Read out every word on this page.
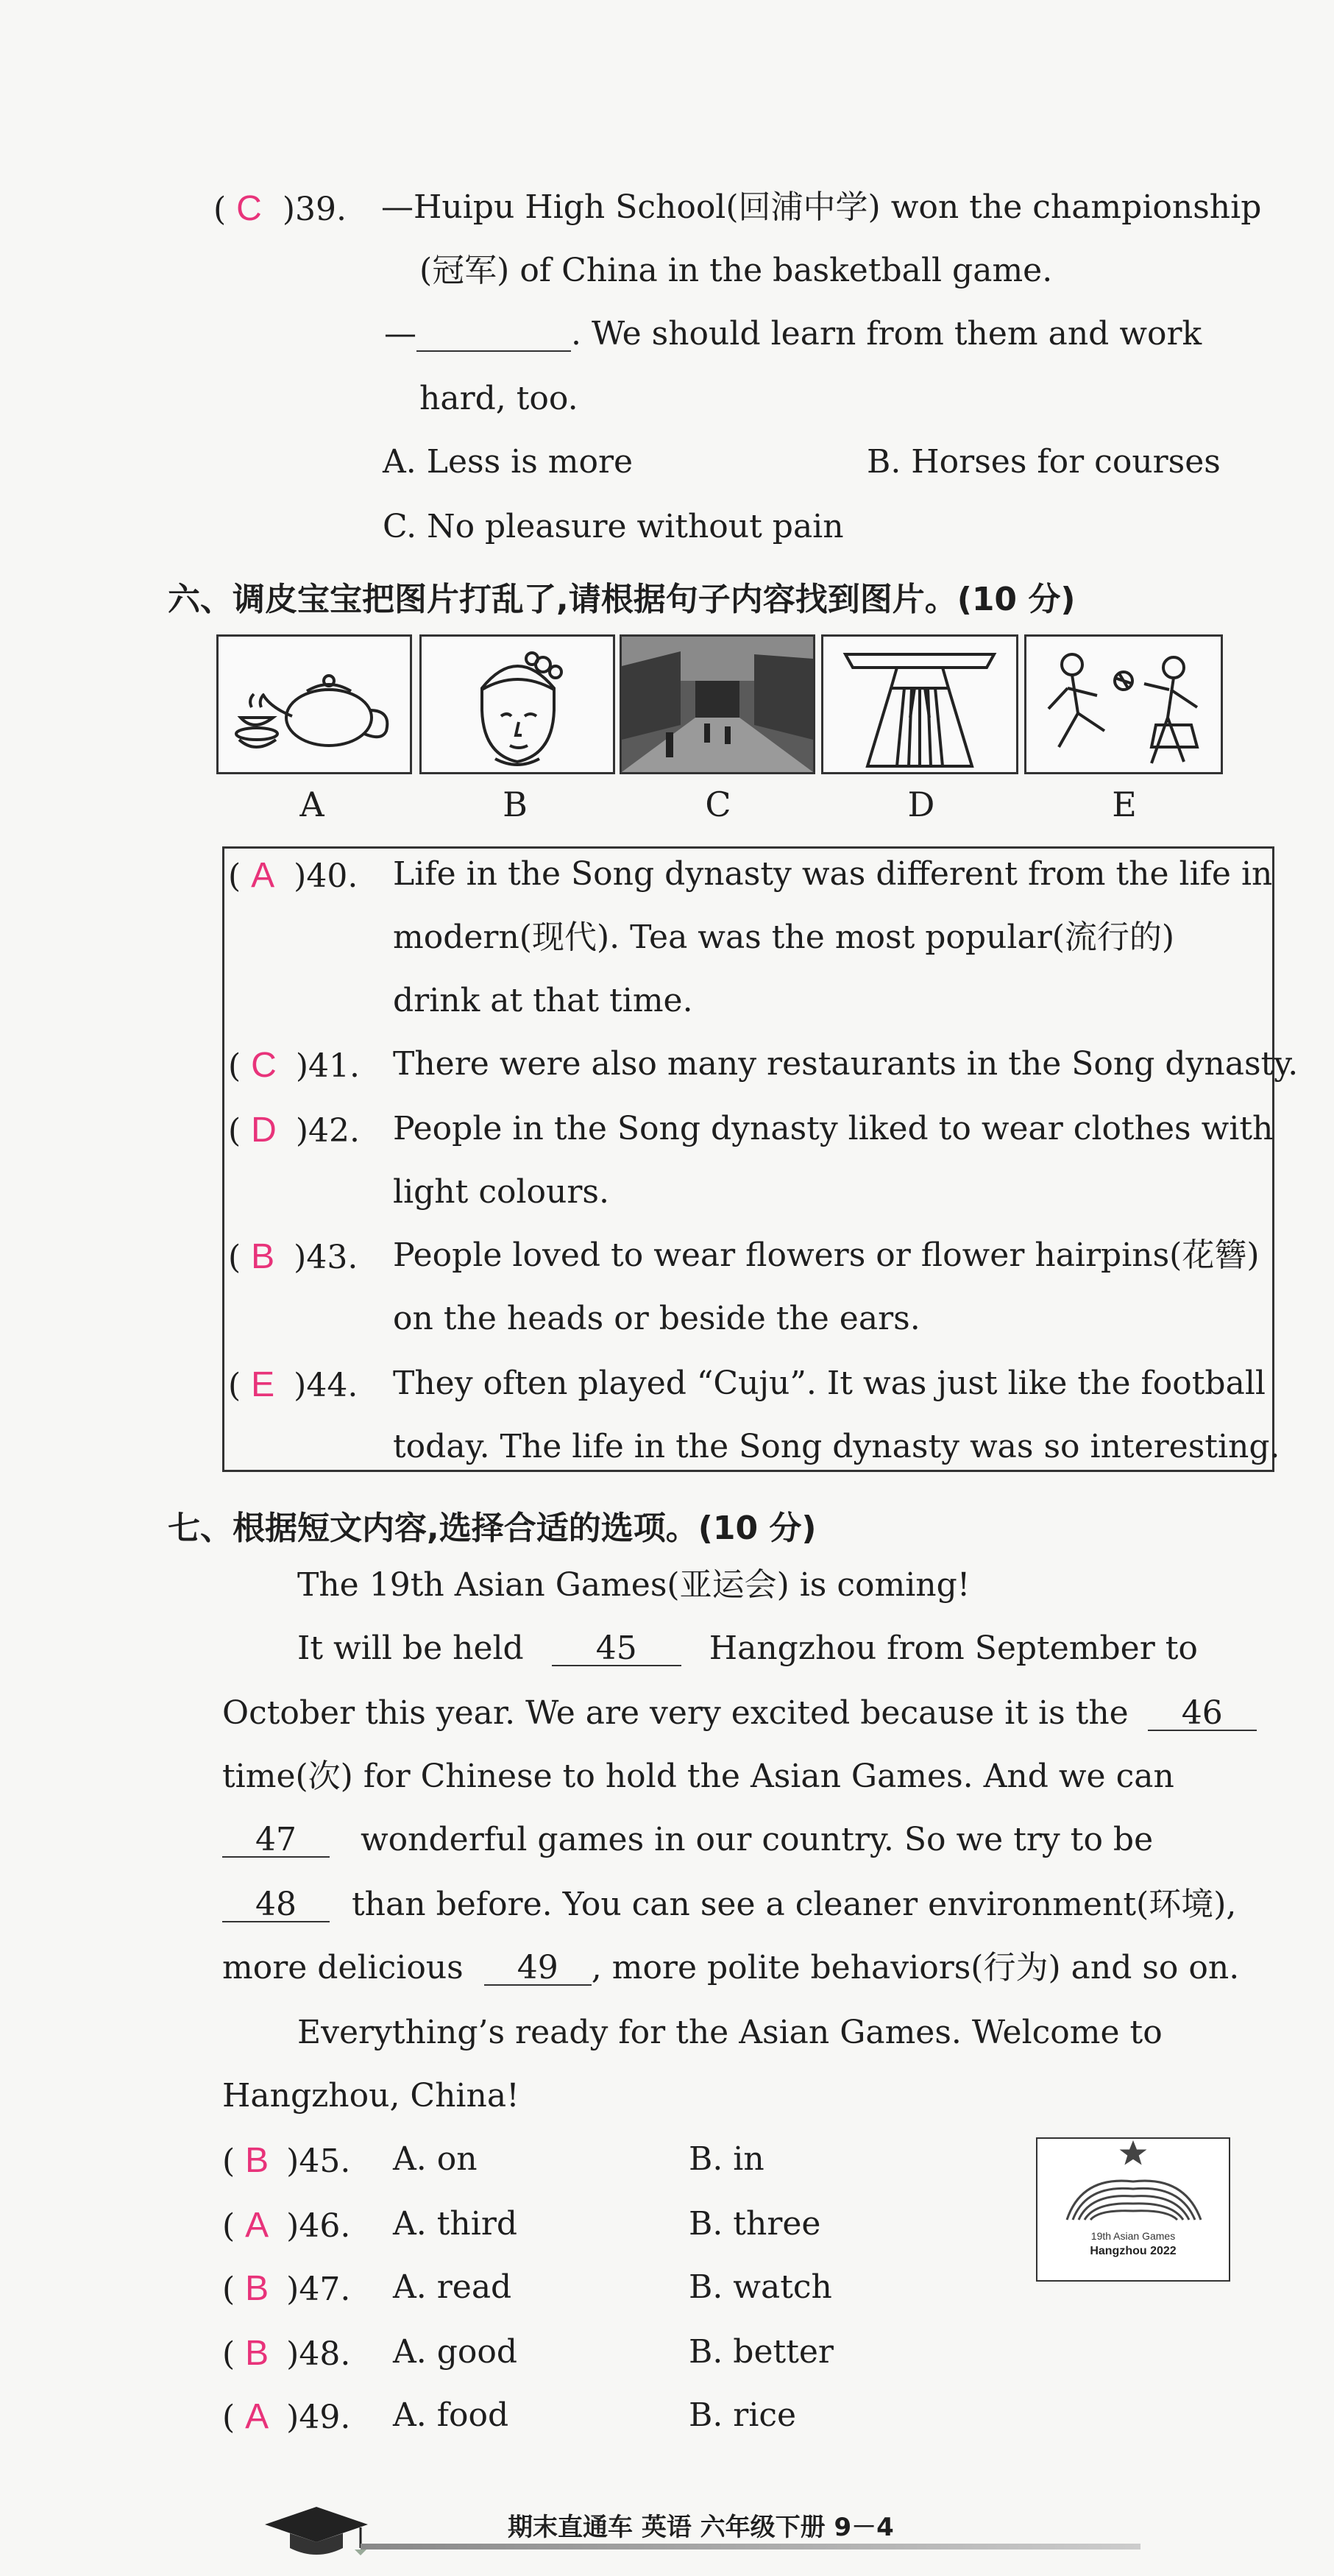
( C )39. —Huipu High School(回浦中学) won the championship
(冠军) of China in the basketball game.
—	. We should learn from them and work
hard, too.
A. Less is more	B. Horses for courses
C. No pleasure without pain
六、调皮宝宝把图片打乱了,请根据句子内容找到图片。(10 分)
A	B	C	D	E
( A )40. Life in the Song dynasty was different from the life in
modern(现代). Tea was the most popular(流行的)
drink at that time.
( C )41. There were also many restaurants in the Song dynasty.
( D )42. People in the Song dynasty liked to wear clothes with
light colours.
( B )43. People loved to wear flowers or flower hairpins(花簪)
on the heads or beside the ears.
( E )44. They often played “Cuju”. It was just like the football
today. The life in the Song dynasty was so interesting.
七、根据短文内容,选择合适的选项。(10 分)
The 19th Asian Games(亚运会) is coming!
It will be held 45 Hangzhou from September to
October this year. We are very excited because it is the 46
time(次) for Chinese to hold the Asian Games. And we can
47 wonderful games in our country. So we try to be
48 than before. You can see a cleaner environment(环境),
more delicious 49 , more polite behaviors(行为) and so on.
Everything’s ready for the Asian Games. Welcome to
Hangzhou, China!
( B )45. A. on	B. in
( A )46. A. third	B. three
( B )47. A. read	B. watch
( B )48. A. good	B. better
( A )49. A. food	B. rice
19th Asian Games
Hangzhou 2022
期末直通车 英语 六年级下册 9－4
